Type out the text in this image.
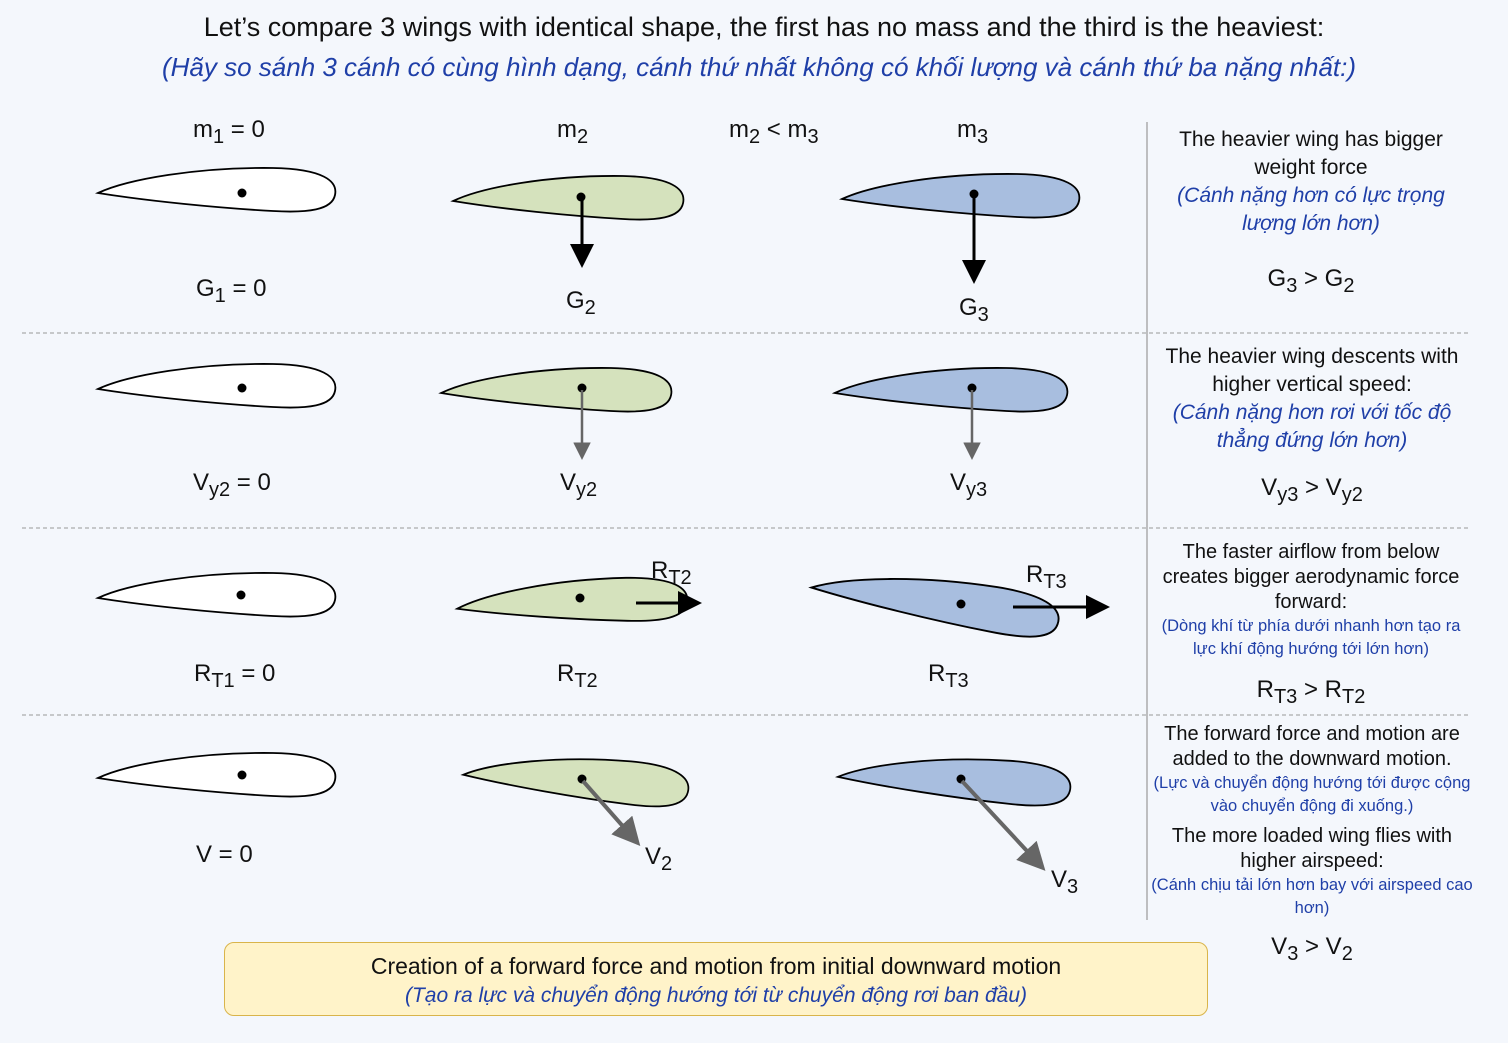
Let’s compare 3 wings with identical shape, the first has no mass and the third is the heaviest:
(Hãy so sánh 3 cánh có cùng hình dạng, cánh thứ nhất không có khối lượng và cánh thứ ba nặng nhất:)
$m_1 = 0$	$m_2$	$m_2 < m_3$	$m_3$
$G_1 = 0$	$G_2$	$G_3$
The heavier wing has bigger weight force
(Cánh nặng hơn có lực trọng lượng lớn hơn)
$G_3 > G_2$
$V_{y2} = 0$	$V_{y2}$	$V_{y3}$
The heavier wing descents with higher vertical speed:
(Cánh nặng hơn rơi với tốc độ thẳng đứng lớn hơn)
$V_{y3} > V_{y2}$
$R_{T1} = 0$	$R_{T2}$	$R_{T3}$
$R_{T2}$	$R_{T3}$
The faster airflow from below creates bigger aerodynamic force forward:
(Dòng khí từ phía dưới nhanh hơn tạo ra lực khí động hướng tới lớn hơn)
$R_{T3} > R_{T2}$
V = 0	$V_2$
$V_3$
The forward force and motion are added to the downward motion.
(Lực và chuyển động hướng tới được cộng vào chuyển động đi xuống.)
The more loaded wing flies with higher airspeed:
(Cánh chịu tải lớn hơn bay với airspeed cao hơn)
$V_3 > V_2$
Creation of a forward force and motion from initial downward motion
(Tạo ra lực và chuyển động hướng tới từ chuyển động rơi ban đầu)
